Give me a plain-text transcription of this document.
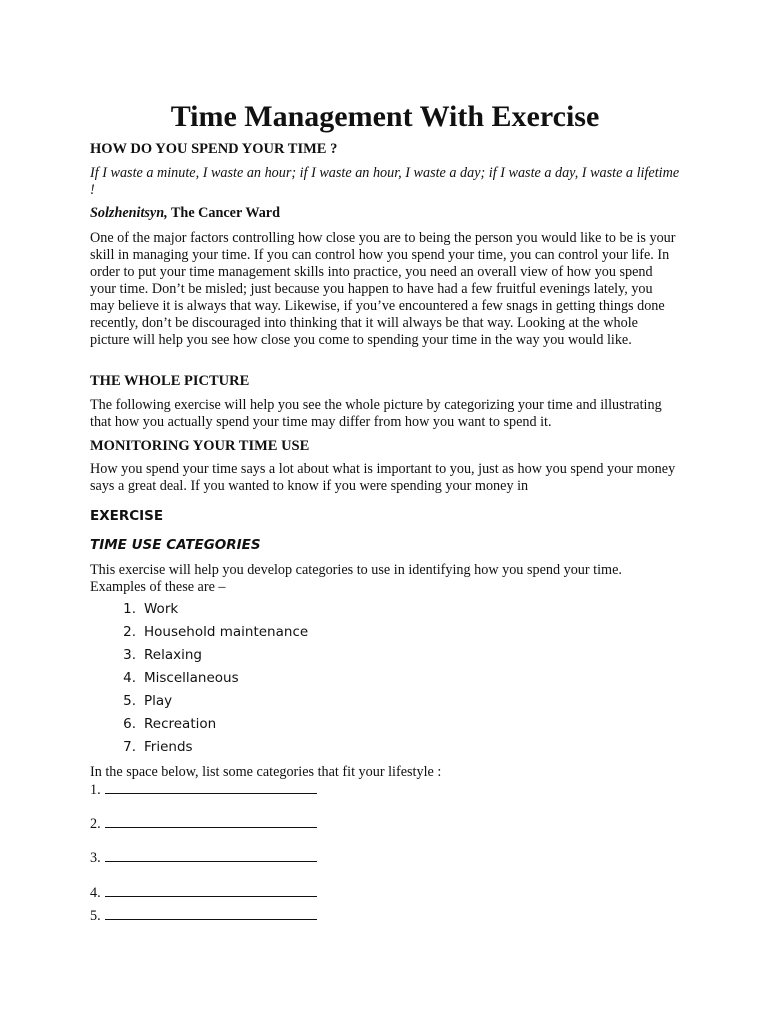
Time Management With Exercise

HOW DO YOU SPEND YOUR TIME ?

If I waste a minute, I waste an hour; if I waste an hour, I waste a day; if I waste a day, I waste a lifetime !

Solzhenitsyn, The Cancer Ward

One of the major factors controlling how close you are to being the person you would like to be is your skill in managing your time. If you can control how you spend your time, you can control your life. In order to put your time management skills into practice, you need an overall view of how you spend your time. Don’t be misled; just because you happen to have had a few fruitful evenings lately, you may believe it is always that way. Likewise, if you’ve encountered a few snags in getting things done recently, don’t be discouraged into thinking that it will always be that way. Looking at the whole picture will help you see how close you come to spending your time in the way you would like.

THE WHOLE PICTURE

The following exercise will help you see the whole picture by categorizing your time and illustrating that how you actually spend your time may differ from how you want to spend it.

MONITORING YOUR TIME USE

How you spend your time says a lot about what is important to you, just as how you spend your money says a great deal. If you wanted to know if you were spending your money in

EXERCISE

TIME USE CATEGORIES

This exercise will help you develop categories to use in identifying how you spend your time. Examples of these are –

1. Work
2. Household maintenance
3. Relaxing
4. Miscellaneous
5. Play
6. Recreation
7. Friends

In the space below, list some categories that fit your lifestyle :

1.
2.
3.
4.
5.
